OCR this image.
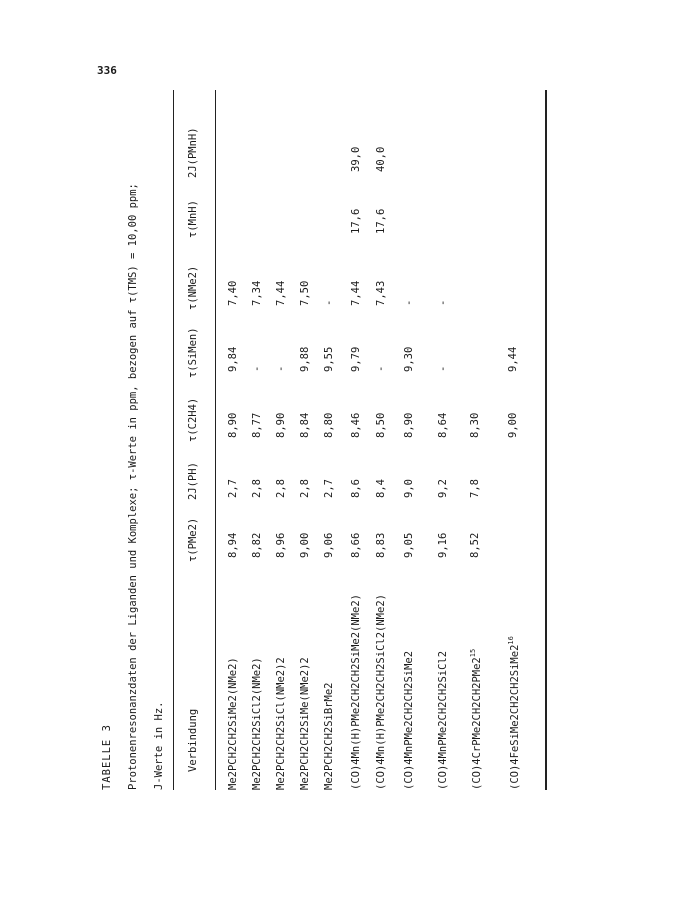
336
TABELLE 3 Protonenresonanzdaten der Liganden und Komplexe; τ-Werte in ppm, bezogen auf τ(TMS) = 10,00 ppm; J-Werte in Hz. Verbindung
τ(PMe2)
2J(PH)
τ(C2H4)
τ(SiMen)
τ(NMe2)
τ(MnH)
2J(PMnH)
Me2PCH2CH2SiMe2(NMe2)
8,94
2,7
8,90
9,84
7,40
Me2PCH2CH2SiCl2(NMe2)
8,82
2,8
8,77
-
7,34
Me2PCH2CH2SiCl(NMe2)2
8,96
2,8
8,90
-
7,44
Me2PCH2CH2SiMe(NMe2)2
9,00
2,8
8,84
9,88
7,50
Me2PCH2CH2SiBrMe2
9,06
2,7
8,80
9,55
-
(CO)4Mn(H)PMe2CH2CH2SiMe2(NMe2)
8,66
8,6
8,46
9,79
7,44
17,6
39,0
(CO)4Mn(H)PMe2CH2CH2SiCl2(NMe2)
8,83
8,4
8,50
-
7,43
17,6
40,0
(CO)4MnPMe2CH2CH2SiMe2
9,05
9,0
8,90
9,30
-
(CO)4MnPMe2CH2CH2SiCl2
9,16
9,2
8,64
-
-
$(CO)4CrPMe2CH2CH2PMe2^{15}$
8,52
7,8
8,30
$(CO)4FeSiMe2CH2CH2SiMe2^{16}$
9,00
9,44
